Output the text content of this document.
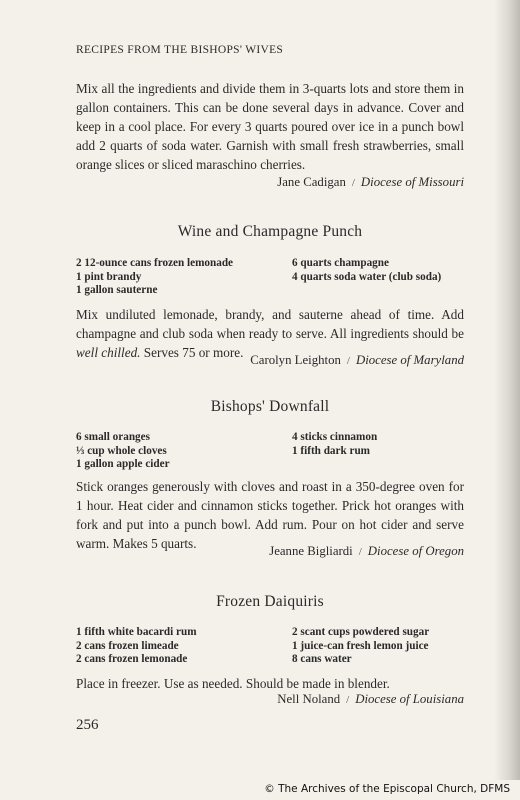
RECIPES FROM THE BISHOPS' WIVES

Mix all the ingredients and divide them in 3-quarts lots and store them in gallon containers. This can be done several days in advance. Cover and keep in a cool place. For every 3 quarts poured over ice in a punch bowl add 2 quarts of soda water. Garnish with small fresh strawberries, small orange slices or sliced maraschino cherries.

Jane Cadigan / Diocese of Missouri
Wine and Champagne Punch
2 12-ounce cans frozen lemonade
1 pint brandy
1 gallon sauterne
6 quarts champagne
4 quarts soda water (club soda)

Mix undiluted lemonade, brandy, and sauterne ahead of time. Add champagne and club soda when ready to serve. All ingredients should be well chilled. Serves 75 or more. Carolyn Leighton / Diocese of Maryland
Bishops' Downfall
6 small oranges
⅓ cup whole cloves
1 gallon apple cider
4 sticks cinnamon
1 fifth dark rum

Stick oranges generously with cloves and roast in a 350-degree oven for 1 hour. Heat cider and cinnamon sticks together. Prick hot oranges with fork and put into a punch bowl. Add rum. Pour on hot cider and serve warm. Makes 5 quarts.	Jeanne Bigliardi / Diocese of Oregon
Frozen Daiquiris
1 fifth white bacardi rum
2 cans frozen limeade
2 cans frozen lemonade
2 scant cups powdered sugar
1 juice-can fresh lemon juice
8 cans water

Place in freezer. Use as needed. Should be made in blender.

Nell Noland / Diocese of Louisiana
256
© The Archives of the Episcopal Church, DFMS
